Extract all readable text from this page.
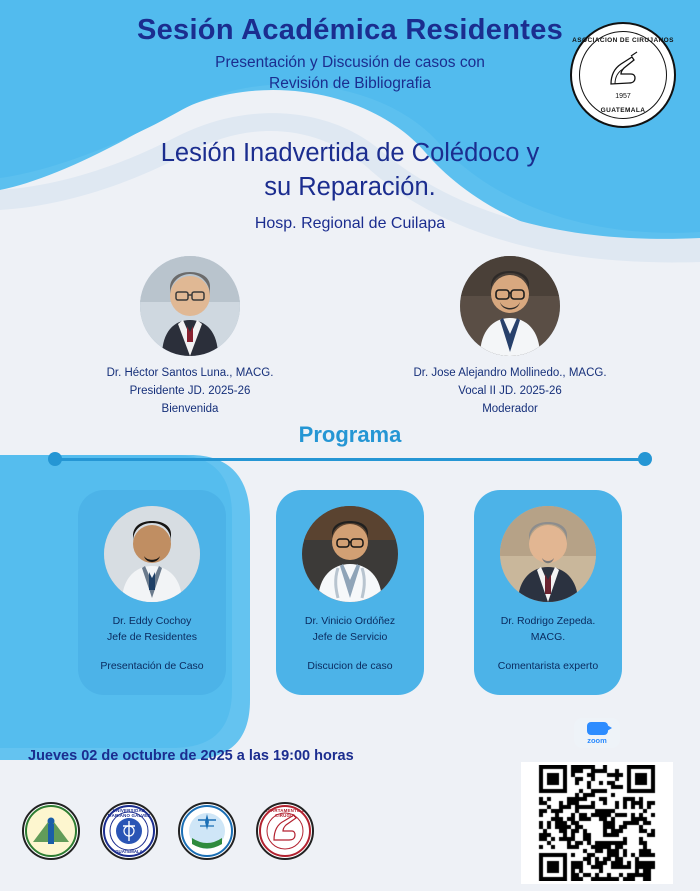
Sesión Académica Residentes
Presentación y Discusión de casos con
Revisión de Bibliografia
ASOCIACION DE CIRUJANOS
1957
GUATEMALA
Lesión Inadvertida de Colédoco y
su Reparación.
Hosp. Regional de Cuilapa
Dr. Héctor Santos Luna., MACG.
Presidente JD. 2025-26
Bienvenida
Dr. Jose Alejandro Mollinedo., MACG.
Vocal II JD. 2025-26
Moderador
Programa
Dr. Eddy Cochoy
Jefe de Residentes
Presentación de Caso
Dr. Vinicio Ordóñez
Jefe de Servicio
Discucion de caso
Dr. Rodrigo Zepeda.
MACG.
Comentarista experto
Jueves 02 de octubre de 2025 a las 19:00 horas
zoom
UNIVERSIDAD MARIANO GALVEZ
GUATEMALA
DEPARTAMENTO DE CIRUGIA
